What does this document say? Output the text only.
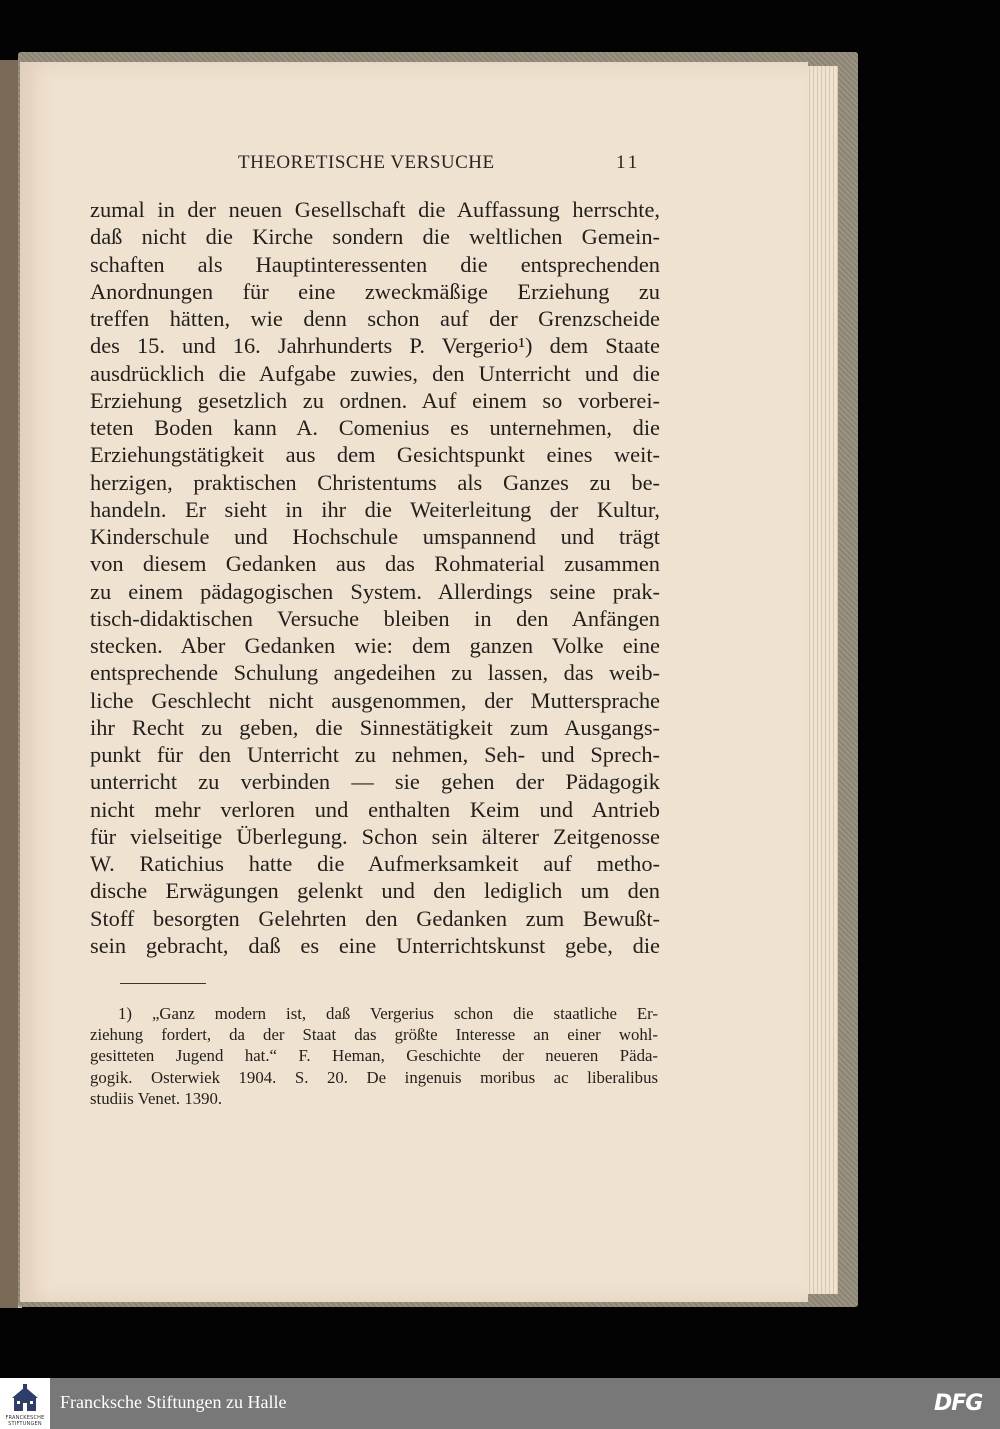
THEORETISCHE VERSUCHE	11
zumal in der neuen Gesellschaft die Auffassung herrschte,
daß nicht die Kirche sondern die weltlichen Gemein-
schaften als Hauptinteressenten die entsprechenden
Anordnungen für eine zweckmäßige Erziehung zu
treffen hätten, wie denn schon auf der Grenzscheide
des 15. und 16. Jahrhunderts P. Vergerio¹) dem Staate
ausdrücklich die Aufgabe zuwies, den Unterricht und die
Erziehung gesetzlich zu ordnen. Auf einem so vorberei-
teten Boden kann A. Comenius es unternehmen, die
Erziehungstätigkeit aus dem Gesichtspunkt eines weit-
herzigen, praktischen Christentums als Ganzes zu be-
handeln. Er sieht in ihr die Weiterleitung der Kultur,
Kinderschule und Hochschule umspannend und trägt
von diesem Gedanken aus das Rohmaterial zusammen
zu einem pädagogischen System. Allerdings seine prak-
tisch-didaktischen Versuche bleiben in den Anfängen
stecken. Aber Gedanken wie: dem ganzen Volke eine
entsprechende Schulung angedeihen zu lassen, das weib-
liche Geschlecht nicht ausgenommen, der Muttersprache
ihr Recht zu geben, die Sinnestätigkeit zum Ausgangs-
punkt für den Unterricht zu nehmen, Seh- und Sprech-
unterricht zu verbinden — sie gehen der Pädagogik
nicht mehr verloren und enthalten Keim und Antrieb
für vielseitige Überlegung. Schon sein älterer Zeitgenosse
W. Ratichius hatte die Aufmerksamkeit auf metho-
dische Erwägungen gelenkt und den lediglich um den
Stoff besorgten Gelehrten den Gedanken zum Bewußt-
sein gebracht, daß es eine Unterrichtskunst gebe, die
1) „Ganz modern ist, daß Vergerius schon die staatliche Er-
ziehung fordert, da der Staat das größte Interesse an einer wohl-
gesitteten Jugend hat.“ F. Heman, Geschichte der neueren Päda-
gogik. Osterwiek 1904. S. 20. De ingenuis moribus ac liberalibus
studiis Venet. 1390.
FRANCKESCHE STIFTUNGEN
Francksche Stiftungen zu Halle	DFG
